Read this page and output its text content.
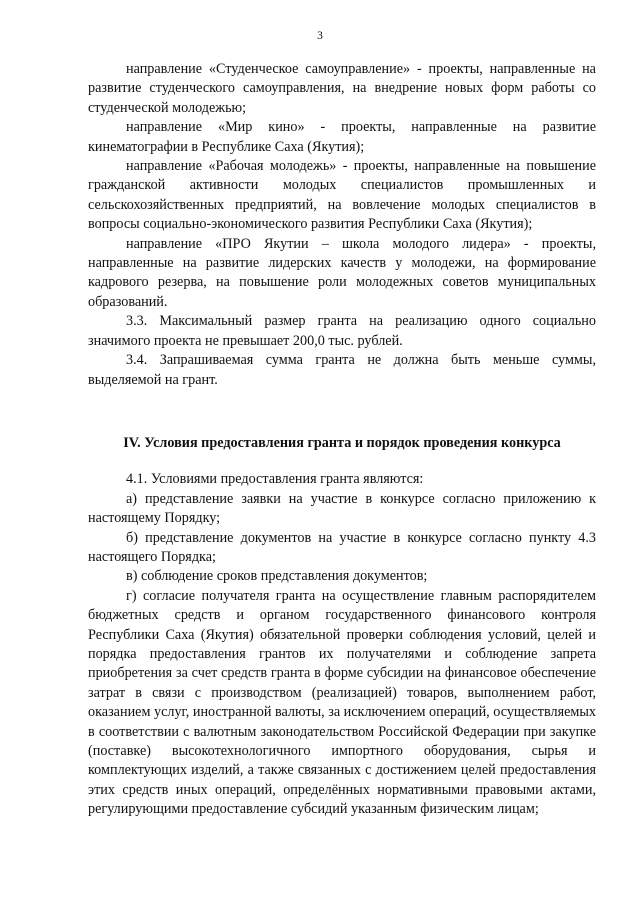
3

направление «Студенческое самоуправление» - проекты, направленные на развитие студенческого самоуправления, на внедрение новых форм работы со студенческой молодежью;

направление «Мир кино» - проекты, направленные на развитие кинематографии в Республике Саха (Якутия);

направление «Рабочая молодежь» - проекты, направленные на повышение гражданской активности молодых специалистов промышленных и сельскохозяйственных предприятий, на вовлечение молодых специалистов в вопросы социально-экономического развития Республики Саха (Якутия);

направление «ПРО Якутии – школа молодого лидера» - проекты, направленные на развитие лидерских качеств у молодежи, на формирование кадрового резерва, на повышение роли молодежных советов муниципальных образований.

3.3. Максимальный размер гранта на реализацию одного социально значимого проекта не превышает 200,0 тыс. рублей.

3.4. Запрашиваемая сумма гранта не должна быть меньше суммы, выделяемой на грант.

IV. Условия предоставления гранта и порядок проведения конкурса

4.1. Условиями предоставления гранта являются:

а) представление заявки на участие в конкурсе согласно приложению к настоящему Порядку;

б) представление документов на участие в конкурсе согласно пункту 4.3 настоящего Порядка;

в) соблюдение сроков представления документов;

г) согласие получателя гранта на осуществление главным распорядителем бюджетных средств и органом государственного финансового контроля Республики Саха (Якутия) обязательной проверки соблюдения условий, целей и порядка предоставления грантов их получателями и соблюдение запрета приобретения за счет средств гранта в форме субсидии на финансовое обеспечение затрат в связи с производством (реализацией) товаров, выполнением работ, оказанием услуг, иностранной валюты, за исключением операций, осуществляемых в соответствии с валютным законодательством Российской Федерации при закупке (поставке) высокотехнологичного импортного оборудования, сырья и комплектующих изделий, а также связанных с достижением целей предоставления этих средств иных операций, определённых нормативными правовыми актами, регулирующими предоставление субсидий указанным физическим лицам;
